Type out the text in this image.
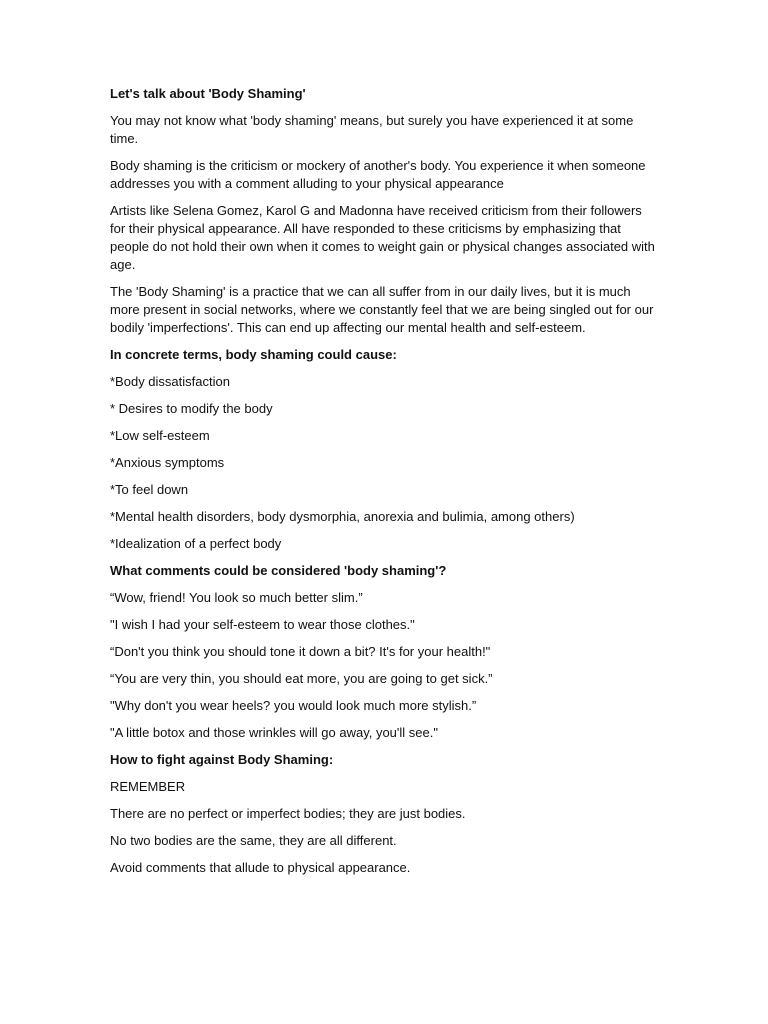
Let's talk about 'Body Shaming'

You may not know what 'body shaming' means, but surely you have experienced it at some time.

Body shaming is the criticism or mockery of another's body. You experience it when someone addresses you with a comment alluding to your physical appearance

Artists like Selena Gomez, Karol G and Madonna have received criticism from their followers for their physical appearance. All have responded to these criticisms by emphasizing that people do not hold their own when it comes to weight gain or physical changes associated with age.

The 'Body Shaming' is a practice that we can all suffer from in our daily lives, but it is much more present in social networks, where we constantly feel that we are being singled out for our bodily 'imperfections'. This can end up affecting our mental health and self-esteem.

In concrete terms, body shaming could cause:

*Body dissatisfaction

* Desires to modify the body

*Low self-esteem

*Anxious symptoms

*To feel down

*Mental health disorders, body dysmorphia, anorexia and bulimia, among others)

*Idealization of a perfect body

What comments could be considered 'body shaming'?

“Wow, friend! You look so much better slim.”

"I wish I had your self-esteem to wear those clothes."

“Don't you think you should tone it down a bit? It's for your health!"

“You are very thin, you should eat more, you are going to get sick.”

"Why don't you wear heels? you would look much more stylish.”

"A little botox and those wrinkles will go away, you'll see."

How to fight against Body Shaming:

REMEMBER

There are no perfect or imperfect bodies; they are just bodies.

No two bodies are the same, they are all different.

Avoid comments that allude to physical appearance.
